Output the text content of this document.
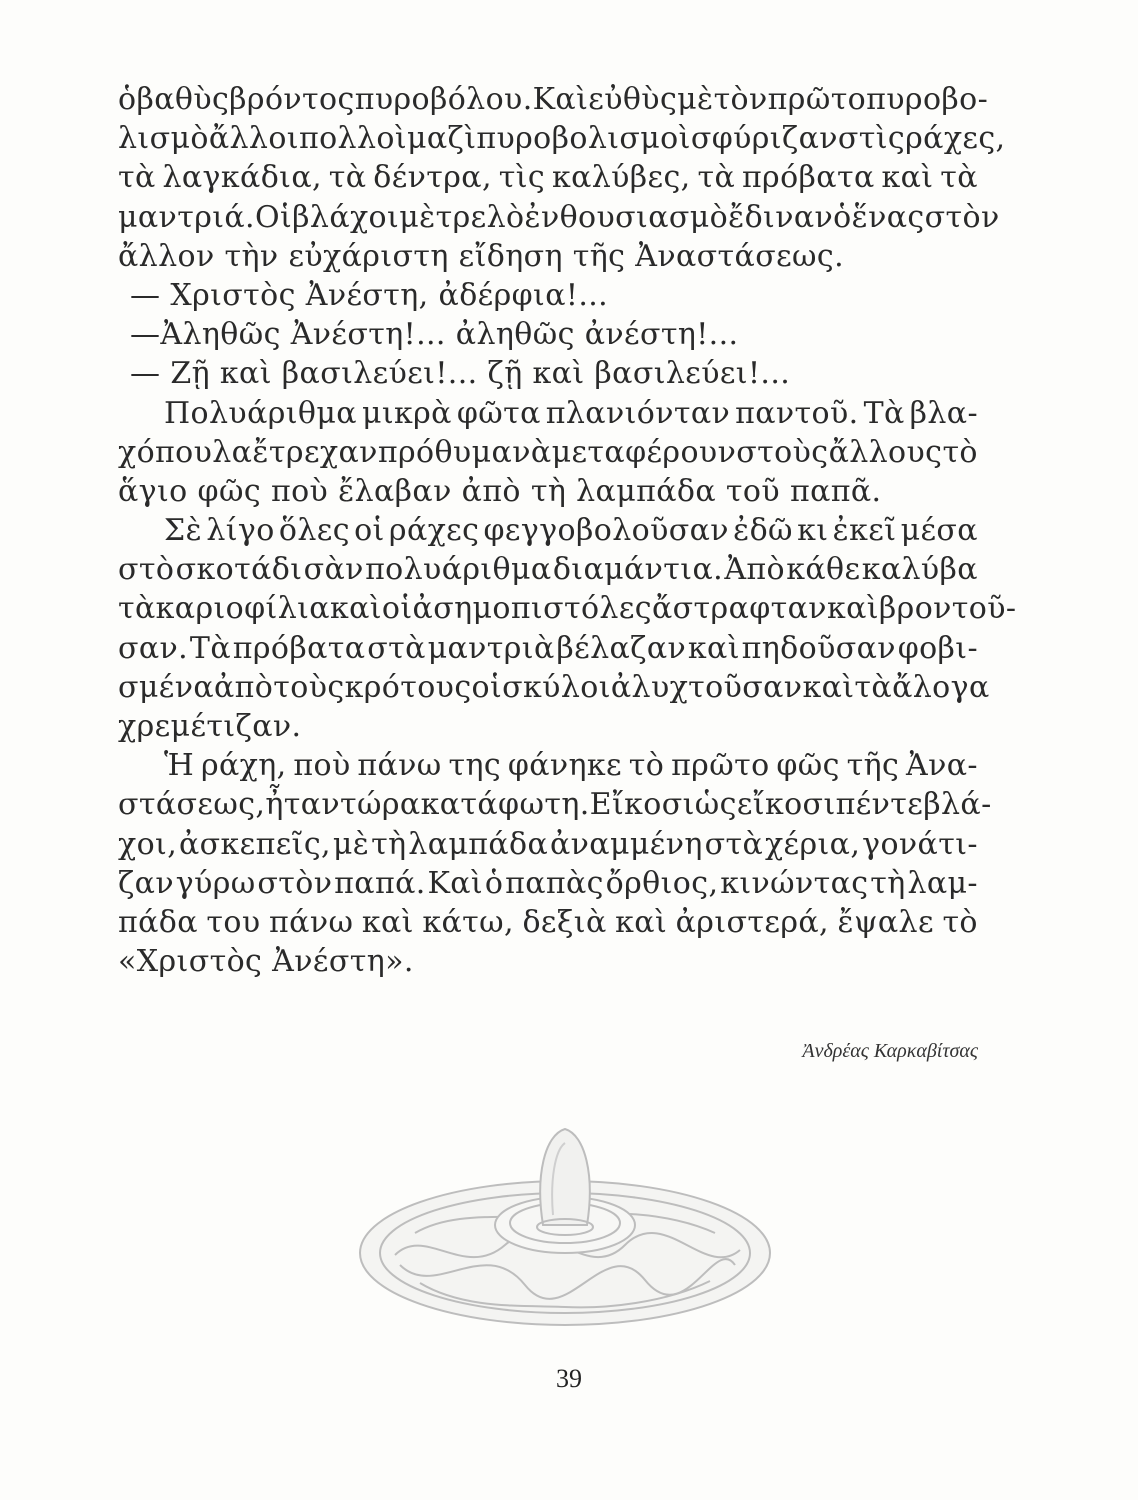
ὁ βαθὺς βρόντος πυροβόλου. Καὶ εὐθὺς μὲ τὸν πρῶτο πυροβο-
λισμὸ ἄλλοι πολλοὶ μαζὶ πυροβολισμοὶ σφύριζαν στὶς ράχες,
τὰ λαγκάδια, τὰ δέντρα, τὶς καλύβες, τὰ πρόβατα καὶ τὰ
μαντριά. Οἱ βλάχοι μὲ τρελὸ ἐνθουσιασμὸ ἔδιναν ὁ ἕνας στὸν
ἄλλον τὴν εὐχάριστη εἴδηση τῆς Ἀναστάσεως.
— Χριστὸς Ἀνέστη, ἀδέρφια!...
—Ἀληθῶς Ἀνέστη!... ἀληθῶς ἀνέστη!...
— Ζῇ καὶ βασιλεύει!... ζῇ καὶ βασιλεύει!...
Πολυάριθμα μικρὰ φῶτα πλανιόνταν παντοῦ. Τὰ βλα-
χόπουλα ἔτρεχαν πρόθυμα νὰ μεταφέρουν στοὺς ἄλλους τὸ
ἅγιο φῶς ποὺ ἔλαβαν ἀπὸ τὴ λαμπάδα τοῦ παπᾶ.
Σὲ λίγο ὅλες οἱ ράχες φεγγοβολοῦσαν ἐδῶ κι ἐκεῖ μέσα
στὸ σκοτάδι σὰν πολυάριθμα διαμάντια. Ἀπὸ κάθε καλύβα
τὰ καριοφίλια καὶ οἱ ἀσημοπιστόλες ἄστραφταν καὶ βροντοῦ-
σαν. Τὰ πρόβατα στὰ μαντριὰ βέλαζαν καὶ πηδοῦσαν φοβι-
σμένα ἀπὸ τοὺς κρότους οἱ σκύλοι ἀλυχτοῦσαν καὶ τὰ ἄλογα
χρεμέτιζαν.
Ἡ ράχη, ποὺ πάνω της φάνηκε τὸ πρῶτο φῶς τῆς Ἀνα-
στάσεως, ἦταν τώρα κατάφωτη. Εἴκοσι ὡς εἴκοσι πέντε βλά-
χοι, ἀσκεπεῖς, μὲ τὴ λαμπάδα ἀναμμένη στὰ χέρια, γονάτι-
ζαν γύρω στὸν παπά. Καὶ ὁ παπὰς ὄρθιος, κινώντας τὴ λαμ-
πάδα του πάνω καὶ κάτω, δεξιὰ καὶ ἀριστερά, ἔψαλε τὸ
«Χριστὸς Ἀνέστη».
Ἀνδρέας Καρκαβίτσας
39
